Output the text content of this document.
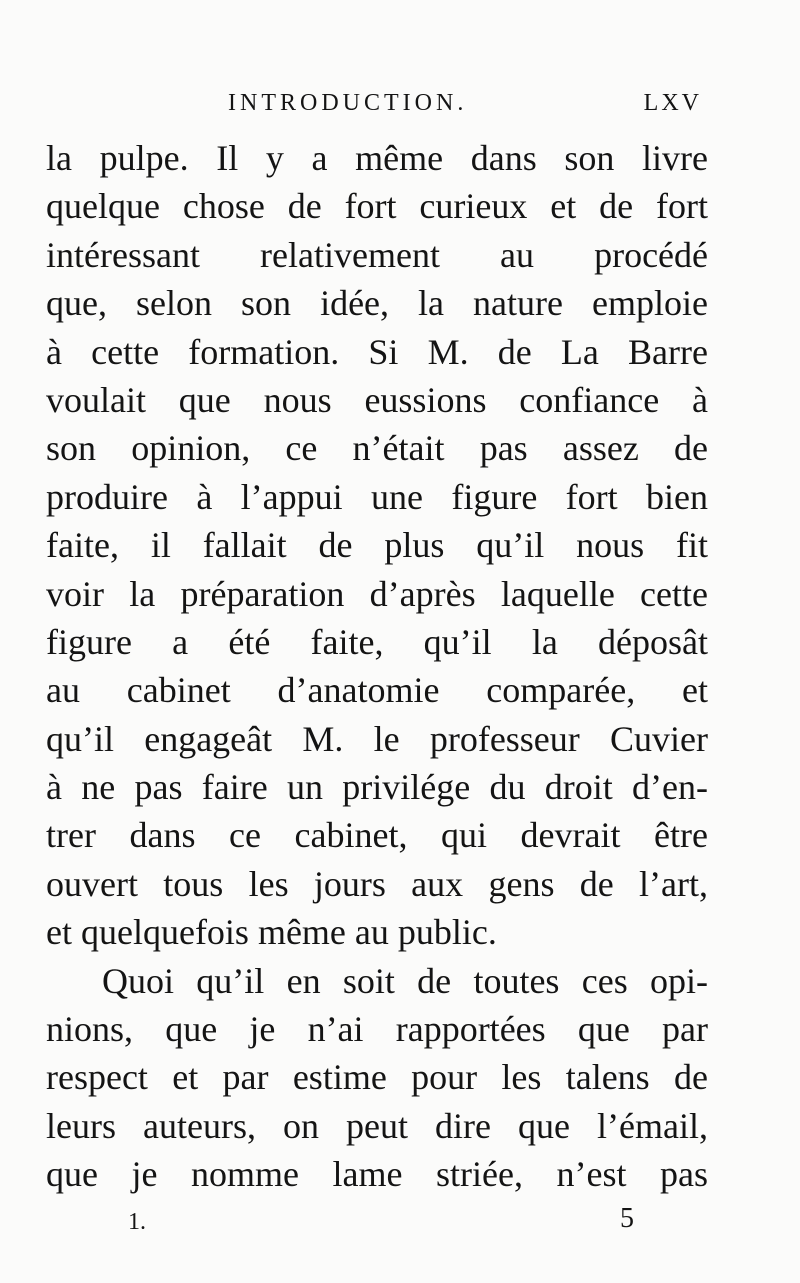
INTRODUCTION.	LXV
la pulpe. Il y a même dans son livre
quelque chose de fort curieux et de fort
intéressant relativement au procédé
que, selon son idée, la nature emploie
à cette formation. Si M. de La Barre
voulait que nous eussions confiance à
son opinion, ce n’était pas assez de
produire à l’appui une figure fort bien
faite, il fallait de plus qu’il nous fit
voir la préparation d’après laquelle cette
figure a été faite, qu’il la déposât
au cabinet d’anatomie comparée, et
qu’il engageât M. le professeur Cuvier
à ne pas faire un privilége du droit d’en-
trer dans ce cabinet, qui devrait être
ouvert tous les jours aux gens de l’art,
et quelquefois même au public.
Quoi qu’il en soit de toutes ces opi-
nions, que je n’ai rapportées que par
respect et par estime pour les talens de
leurs auteurs, on peut dire que l’émail,
que je nomme lame striée, n’est pas
1.	5
